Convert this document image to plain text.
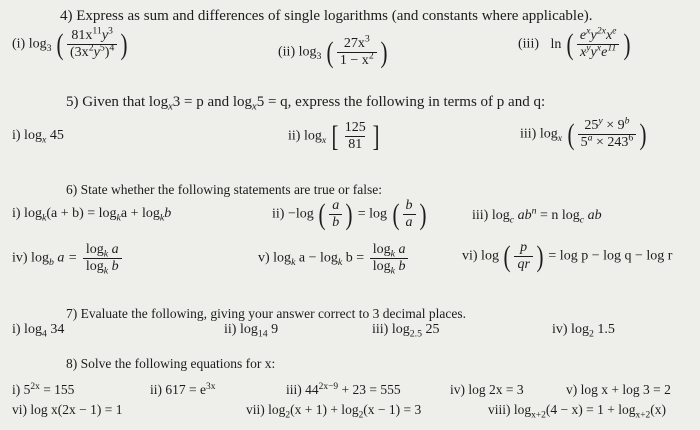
4) Express as sum and differences of single logarithms (and constants where applicable).
(i) $\log_3$ ( $\frac{81x^{11}y^3}{(3x^2y^5)^4}$ )	(ii) $\log_3$ ( $\frac{27x^3}{1 - x^2}$ )	(iii) ln ( $\frac{e^xy^{2x}x^e}{x^yy^xe^{11}}$ )
5) Given that $\log_x3 = p$ and $\log_x5 = q$, express the following in terms of p and q:
i) $\log_x 45$	ii) $\log_x$ [ $\frac{125}{81}$ ]	iii) $\log_x$ ( $\frac{25^y \times 9^b}{5^a \times 243^6}$ )
6) State whether the following statements are true or false:
i) $\log_k(a + b) = \log_ka + \log_kb$	ii) −log ( $\frac{a}{b}$ ) = log ( $\frac{b}{a}$ )	iii) $\log_c ab^n = n$ $\log_c$ ab
iv) $\log_b a = \frac{\log_k a}{\log_k b}$	v) $\log_k a - \log_k b = \frac{\log_k a}{\log_k b}$	vi) log ( $\frac{p}{qr}$ ) = log p − log q − log r
7) Evaluate the following, giving your answer correct to 3 decimal places.
i) $\log_4 34$	ii) $\log_{14} 9$	iii) $\log_{2.5} 25$	iv) $\log_2 1.5$
8) Solve the following equations for x:
i) $5^{2x} = 155$	ii) $617 = e^{3x}$	iii) $44^{2x-9} + 23 = 555$	iv) log 2x = 3	v) log x + log 3 = 2
vi) log x(2x − 1) = 1	vii) $\log_2(x + 1) + \log_2(x - 1) = 3$	viii) $\log_{x+2}(4 - x) = 1 + \log_{x+2}(x)$
